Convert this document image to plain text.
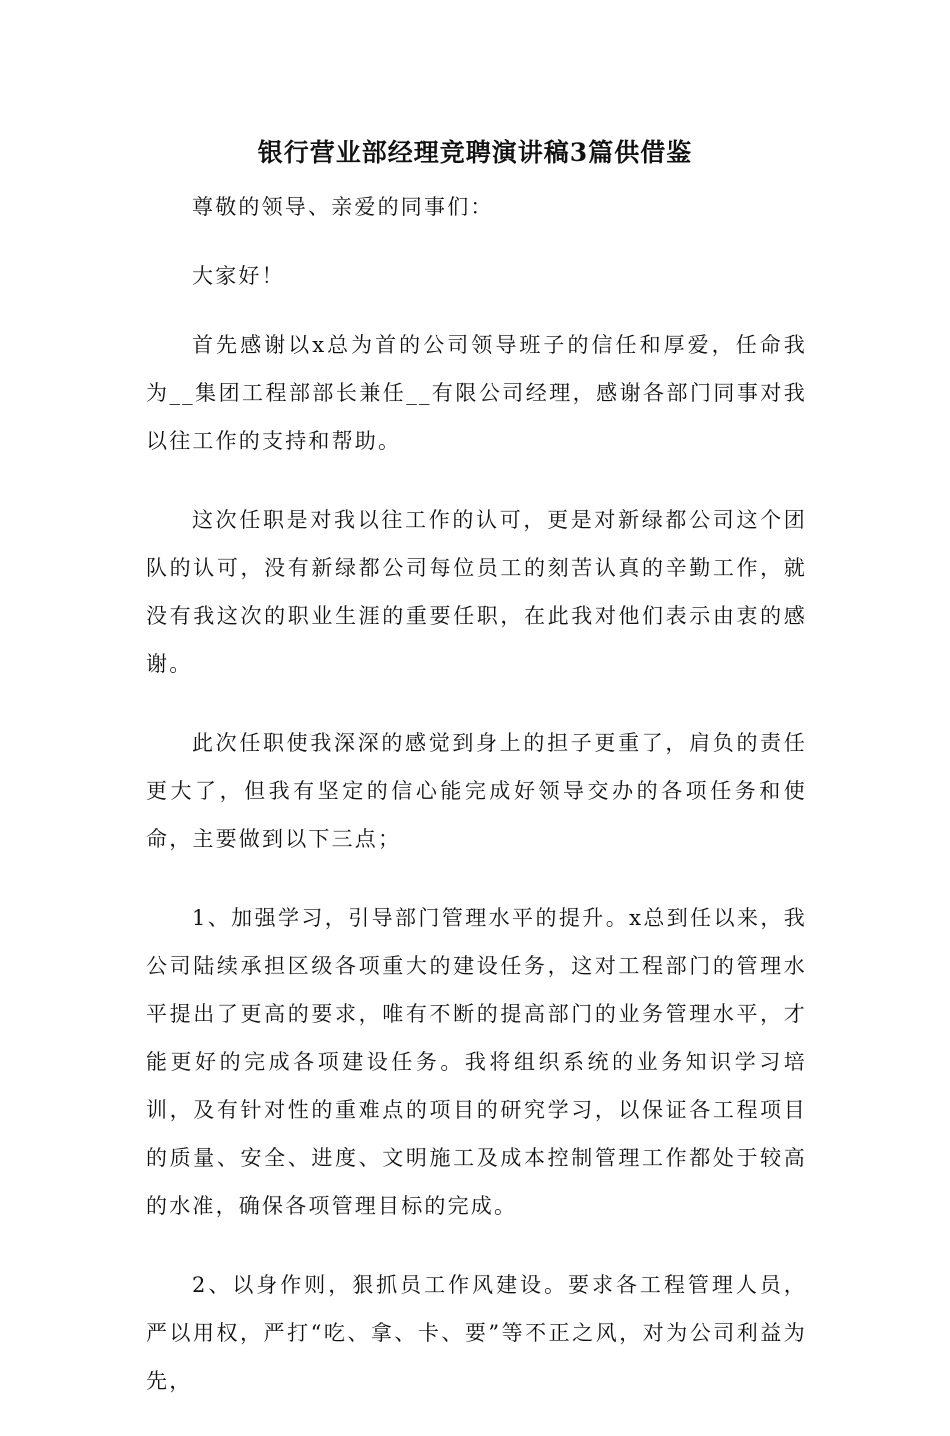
银行营业部经理竞聘演讲稿3篇供借鉴

尊敬的领导、亲爱的同事们：

大家好！

首先感谢以x总为首的公司领导班子的信任和厚爱，任命我为__集团工程部部长兼任__有限公司经理，感谢各部门同事对我以往工作的支持和帮助。

这次任职是对我以往工作的认可，更是对新绿都公司这个团队的认可，没有新绿都公司每位员工的刻苦认真的辛勤工作，就没有我这次的职业生涯的重要任职，在此我对他们表示由衷的感谢。

此次任职使我深深的感觉到身上的担子更重了，肩负的责任更大了，但我有坚定的信心能完成好领导交办的各项任务和使命，主要做到以下三点；

1、加强学习，引导部门管理水平的提升。x总到任以来，我公司陆续承担区级各项重大的建设任务，这对工程部门的管理水平提出了更高的要求，唯有不断的提高部门的业务管理水平，才能更好的完成各项建设任务。我将组织系统的业务知识学习培训，及有针对性的重难点的项目的研究学习，以保证各工程项目的质量、安全、进度、文明施工及成本控制管理工作都处于较高的水准，确保各项管理目标的完成。

2、以身作则，狠抓员工作风建设。要求各工程管理人员，严以用权，严打“吃、拿、卡、要”等不正之风，对为公司利益为先，
